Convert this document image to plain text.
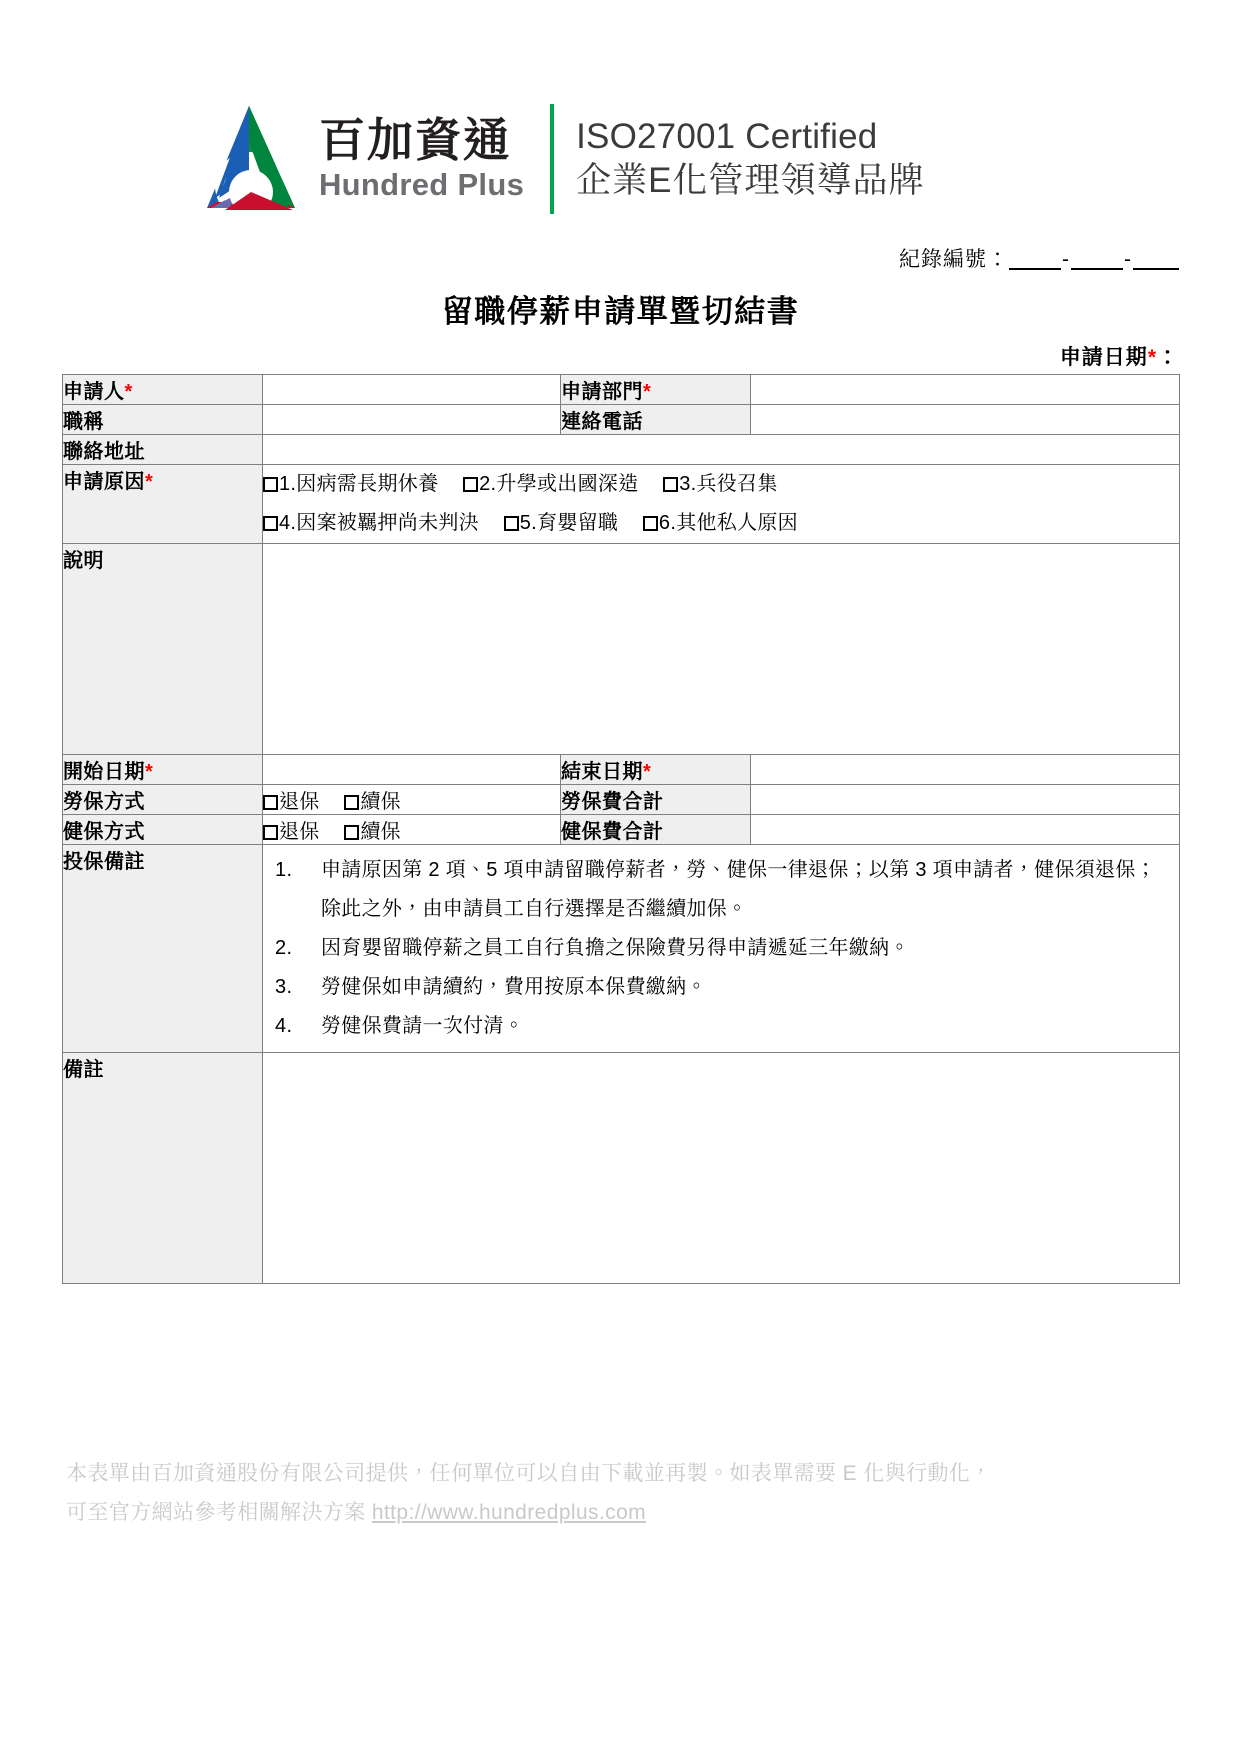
百加資通
Hundred Plus
ISO27001 Certified
企業E化管理領導品牌
紀錄編號：	-	-
留職停薪申請單暨切結書
申請日期*：
申請人*		申請部門*	
職稱		連絡電話	
聯絡地址			
申請原因*	1.因病需長期休養 2.升學或出國深造 3.兵役召集
4.因案被羈押尚未判決 5.育嬰留職 6.其他私人原因		

說明			
開始日期*		結束日期*	
勞保方式	退保 續保	勞保費合計	
健保方式	退保 續保	健保費合計	
投保備註	申請原因第 2 項、5 項申請留職停薪者，勞、健保一律退保；以第 3 項申請者，健保須退保；除此之外，由申請員工自行選擇是否繼續加保。
因育嬰留職停薪之員工自行負擔之保險費另得申請遞延三年繳納。
勞健保如申請續約，費用按原本保費繳納。
勞健保費請一次付清。

備註			
本表單由百加資通股份有限公司提供，任何單位可以自由下載並再製。如表單需要 E 化與行動化，
可至官方網站參考相關解決方案 http://www.hundredplus.com
